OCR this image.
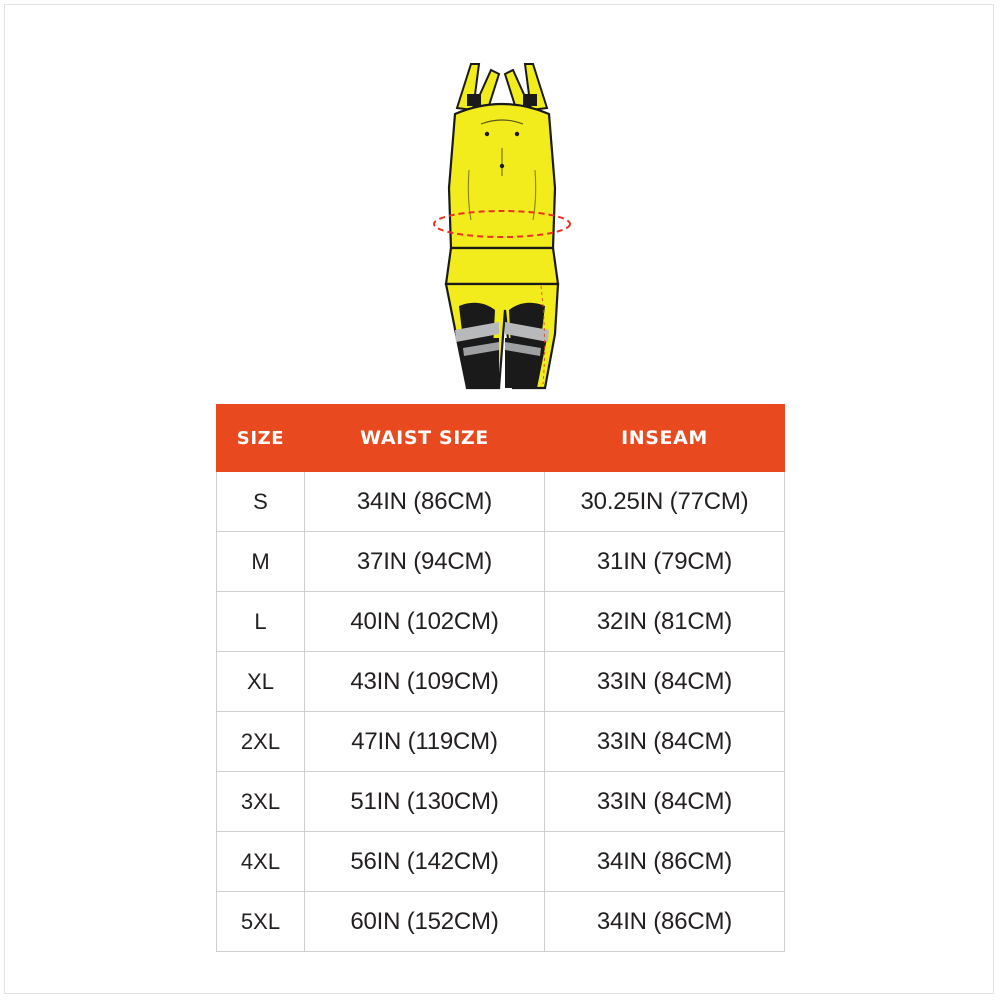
SIZE	WAIST SIZE	INSEAM
S	34IN (86CM)	30.25IN (77CM)
M	37IN (94CM)	31IN (79CM)
L	40IN (102CM)	32IN (81CM)
XL	43IN (109CM)	33IN (84CM)
2XL	47IN (119CM)	33IN (84CM)
3XL	51IN (130CM)	33IN (84CM)
4XL	56IN (142CM)	34IN (86CM)
5XL	60IN (152CM)	34IN (86CM)
